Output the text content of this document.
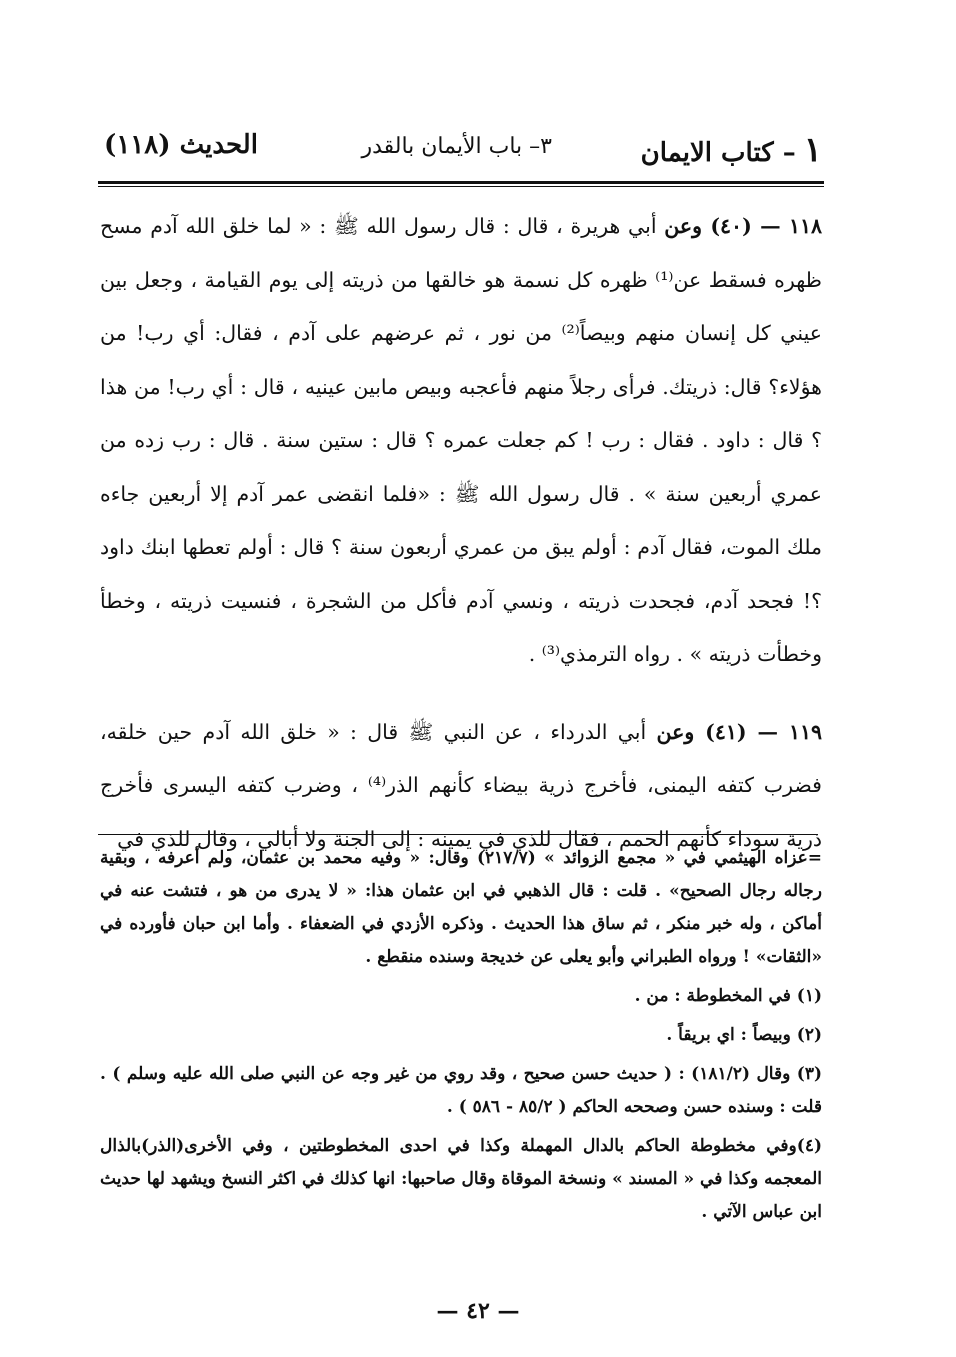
١– كتاب الايمان
٣– باب الأيمان بالقدر
الحديث (١١٨)

١١٨ — (٤٠) وعن أبي هريرة ، قال : قال رسول الله ﷺ : « لما خلق الله آدم مسح ظهره فسقط عن⁽¹⁾ ظهره كل نسمة هو خالقها من ذريته إلى يوم القيامة ، وجعل بين عيني كل إنسان منهم وبيصاً⁽²⁾ من نور ، ثم عرضهم على آدم ، فقال: أي رب! من هؤلاء؟ قال: ذريتك. فرأى رجلاً منهم فأعجبه وبيص مابين عينيه ، قال : أي رب! من هذا ؟ قال : داود . فقال : رب ! كم جعلت عمره ؟ قال : ستين سنة . قال : رب زده من عمري أربعين سنة » . قال رسول الله ﷺ : «فلما انقضى عمر آدم إلا أربعين جاءه ملك الموت، فقال آدم : أولم يبق من عمري أربعون سنة ؟ قال : أولم تعطها ابنك داود ؟! فجحد آدم، فجحدت ذريته ، ونسي آدم فأكل من الشجرة ، فنسيت ذريته ، وخطأ وخطأت ذريته » . رواه الترمذي⁽³⁾ .

١١٩ — (٤١) وعن أبي الدرداء ، عن النبي ﷺ قال : « خلق الله آدم حين خلقه، فضرب كتفه اليمنى، فأخرج ذرية بيضاء كأنهم الذر⁽⁴⁾ ، وضرب كتفه اليسرى فأخرج ذرية سوداء كأنهم الحمم ، فقال للذي في يمينه : إلى الجنة ولا أبالي ، وقال للذي في

=عزاه الهيثمي في « مجمع الزوائد » (٢١٧/٧) وقال: « وفيه محمد بن عثمان، ولم أعرفه ، وبقية رجاله رجال الصحيح» . قلت : قال الذهبي في ابن عثمان هذا: « لا يدرى من هو ، فتشت عنه في أماكن ، وله خبر منكر ، ثم ساق هذا الحديث . وذكره الأزدي في الضعفاء . وأما ابن حبان فأورده في «الثقات» ! ورواه الطبراني وأبو يعلى عن خديجة وسنده منقطع .

(١) في المخطوطة : من .

(٢) وبيصاً : اي بريقاً .

(٣) وقال (١٨١/٢) : ( حديث حسن صحيح ، وقد روي من غير وجه عن النبي صلى الله عليه وسلم ) . قلت : وسنده حسن وصححه الحاكم ( ٨٥/٢ - ٥٨٦ ) .

(٤)وفي مخطوطة الحاكم بالدال المهملة وكذا في احدى المخطوطتين ، وفي الأخرى(الذر)بالذال المعجمه وكذا في « المسند » ونسخة الموقاة وقال صاحبها: انها كذلك في اكثر النسخ ويشهد لها حديث ابن عباس الآتي .

— ٤٢ —
